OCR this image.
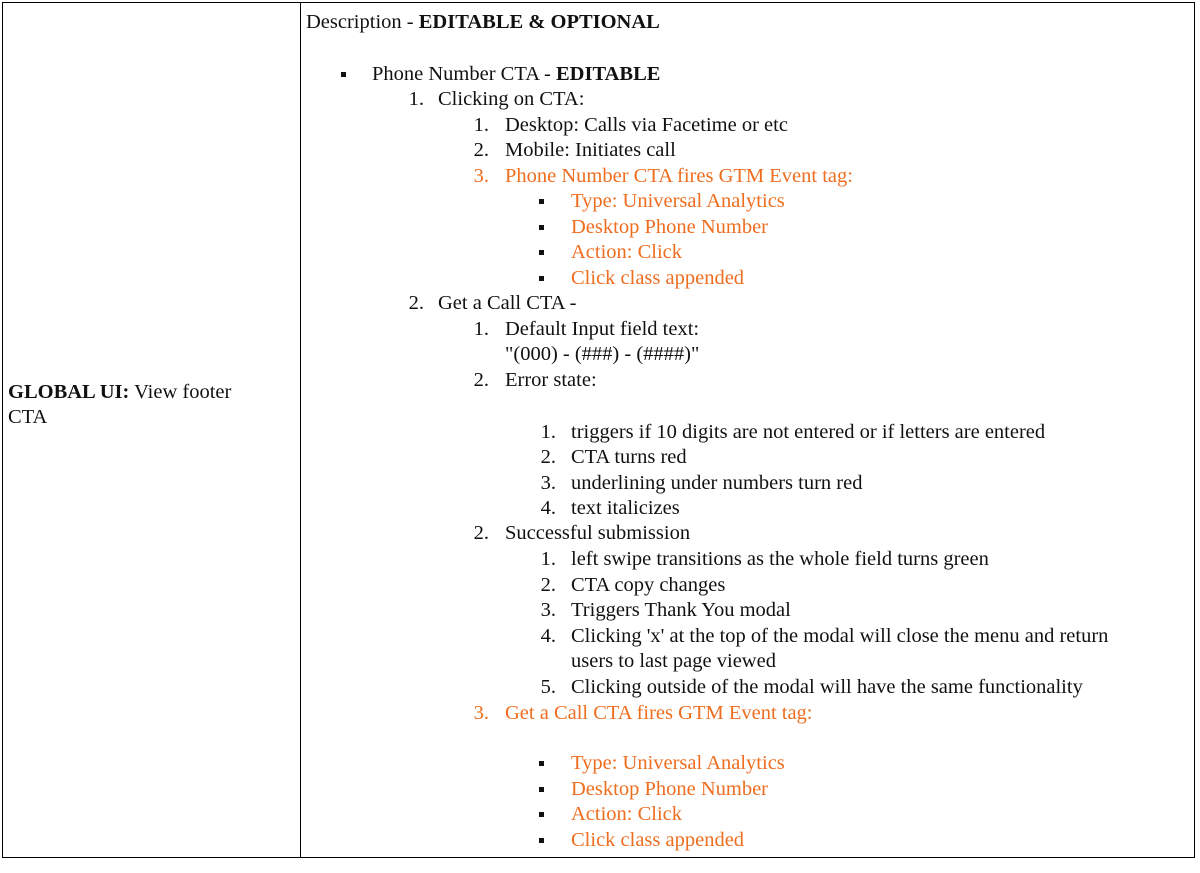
GLOBAL UI: View footer
CTA
Description - EDITABLE & OPTIONAL
Phone Number CTA - EDITABLE
1. Clicking on CTA:
1. Desktop: Calls via Facetime or etc
2. Mobile: Initiates call
3. Phone Number CTA fires GTM Event tag:
Type: Universal Analytics
Desktop Phone Number
Action: Click
Click class appended
2. Get a Call CTA -
1. Default Input field text:
"(000) - (###) - (####)"
2. Error state:
1. triggers if 10 digits are not entered or if letters are entered
2. CTA turns red
3. underlining under numbers turn red
4. text italicizes
2. Successful submission
1. left swipe transitions as the whole field turns green
2. CTA copy changes
3. Triggers Thank You modal
4. Clicking 'x' at the top of the modal will close the menu and return
users to last page viewed
5. Clicking outside of the modal will have the same functionality
3. Get a Call CTA fires GTM Event tag:
Type: Universal Analytics
Desktop Phone Number
Action: Click
Click class appended
